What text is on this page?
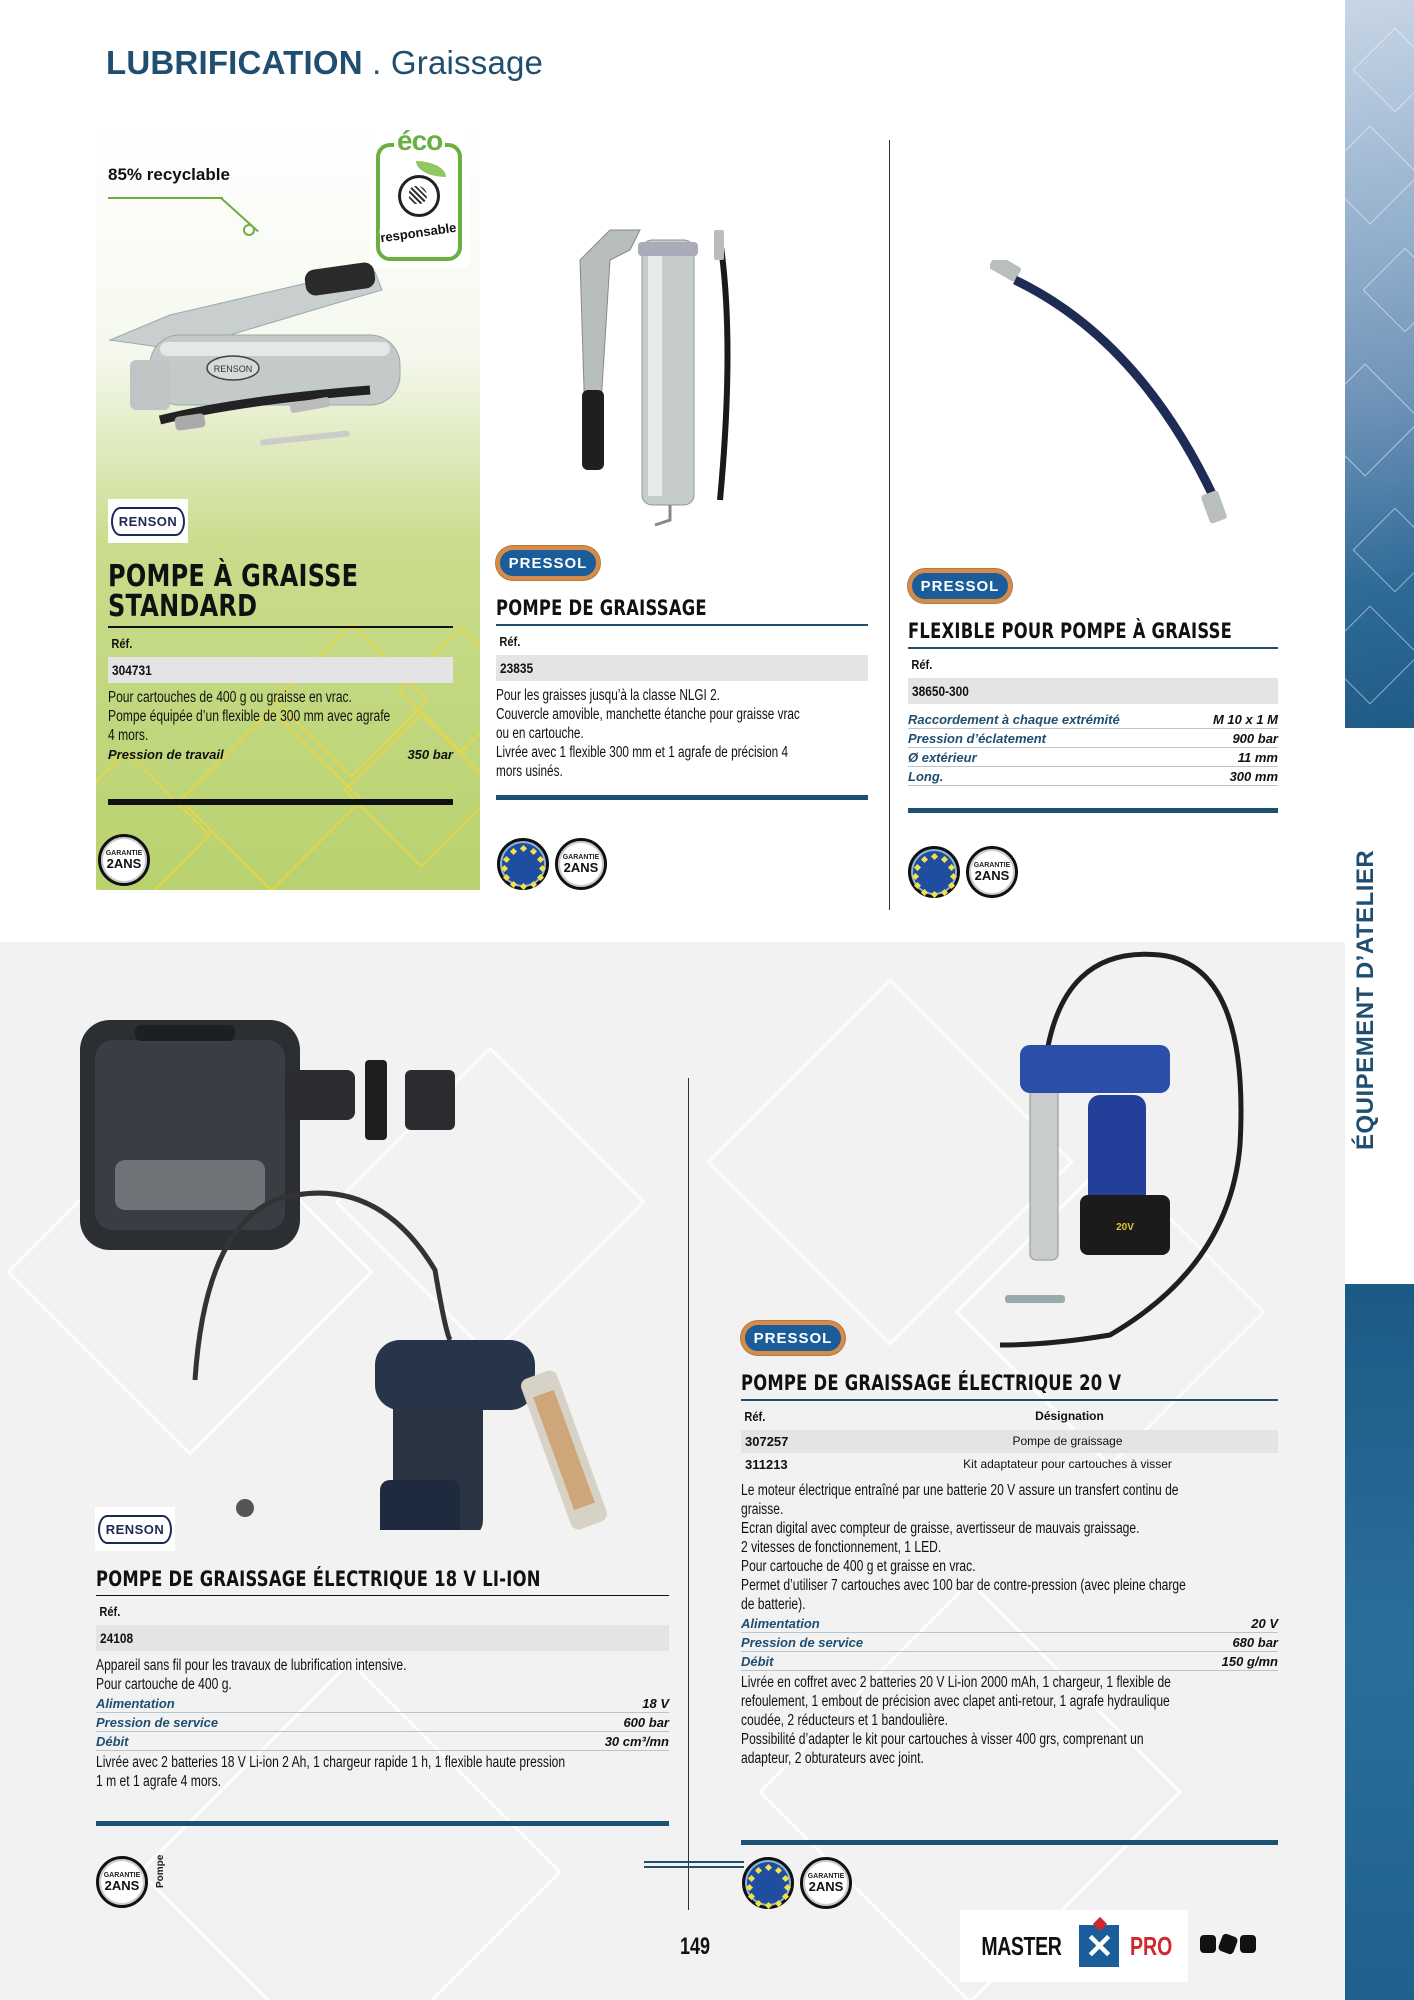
LUBRIFICATION . Graissage
ÉQUIPEMENT D’ATELIER
85% recyclable
éco
responsable
RENSON
RENSON
POMPE À GRAISSE
STANDARD
Réf.
304731

Pour cartouches de 400 g ou graisse en vrac.

Pompe équipée d’un flexible de 300 mm avec agrafe

4 mors.

Pression de travail	350 bar
GARANTIE
2ANS
PRESSOL
POMPE DE GRAISSAGE
Réf.
23835

Pour les graisses jusqu’à la classe NLGI 2.

Couvercle amovible, manchette étanche pour graisse vrac

ou en cartouche.

Livrée avec 1 flexible 300 mm et 1 agrafe de précision 4

mors usinés.

GARANTIE
2ANS
PRESSOL
FLEXIBLE POUR POMPE À GRAISSE
Réf.
38650-300
Raccordement à chaque extrémité	M 10 x 1 M
Pression d’éclatement	900 bar
Ø extérieur	11 mm
Long.	300 mm
GARANTIE
2ANS
RENSON
POMPE DE GRAISSAGE ÉLECTRIQUE 18 V LI-ION
Réf.
24108

Appareil sans fil pour les travaux de lubrification intensive.

Pour cartouche de 400 g.

Alimentation	18 V
Pression de service	600 bar
Débit	30 cm³/mn

Livrée avec 2 batteries 18 V Li-ion 2 Ah, 1 chargeur rapide 1 h, 1 flexible haute pression

1 m et 1 agrafe 4 mors.

GARANTIE
2ANS Pompe
20V
PRESSOL
POMPE DE GRAISSAGE ÉLECTRIQUE 20 V
Réf.	Désignation
307257	Pompe de graissage
311213	Kit adaptateur pour cartouches à visser

Le moteur électrique entraîné par une batterie 20 V assure un transfert continu de

graisse.

Ecran digital avec compteur de graisse, avertisseur de mauvais graissage.

2 vitesses de fonctionnement, 1 LED.

Pour cartouche de 400 g et graisse en vrac.

Permet d’utiliser 7 cartouches avec 100 bar de contre-pression (avec pleine charge

de batterie).

Alimentation	20 V
Pression de service	680 bar
Débit	150 g/mn

Livrée en coffret avec 2 batteries 20 V Li-ion 2000 mAh, 1 chargeur, 1 flexible de

refoulement, 1 embout de précision avec clapet anti-retour, 1 agrafe hydraulique

coudée, 2 réducteurs et 1 bandoulière.

Possibilité d’adapter le kit pour cartouches à visser 400 grs, comprenant un

adapteur, 2 obturateurs avec joint.

GARANTIE
2ANS
149	MASTER ✕	PRO
